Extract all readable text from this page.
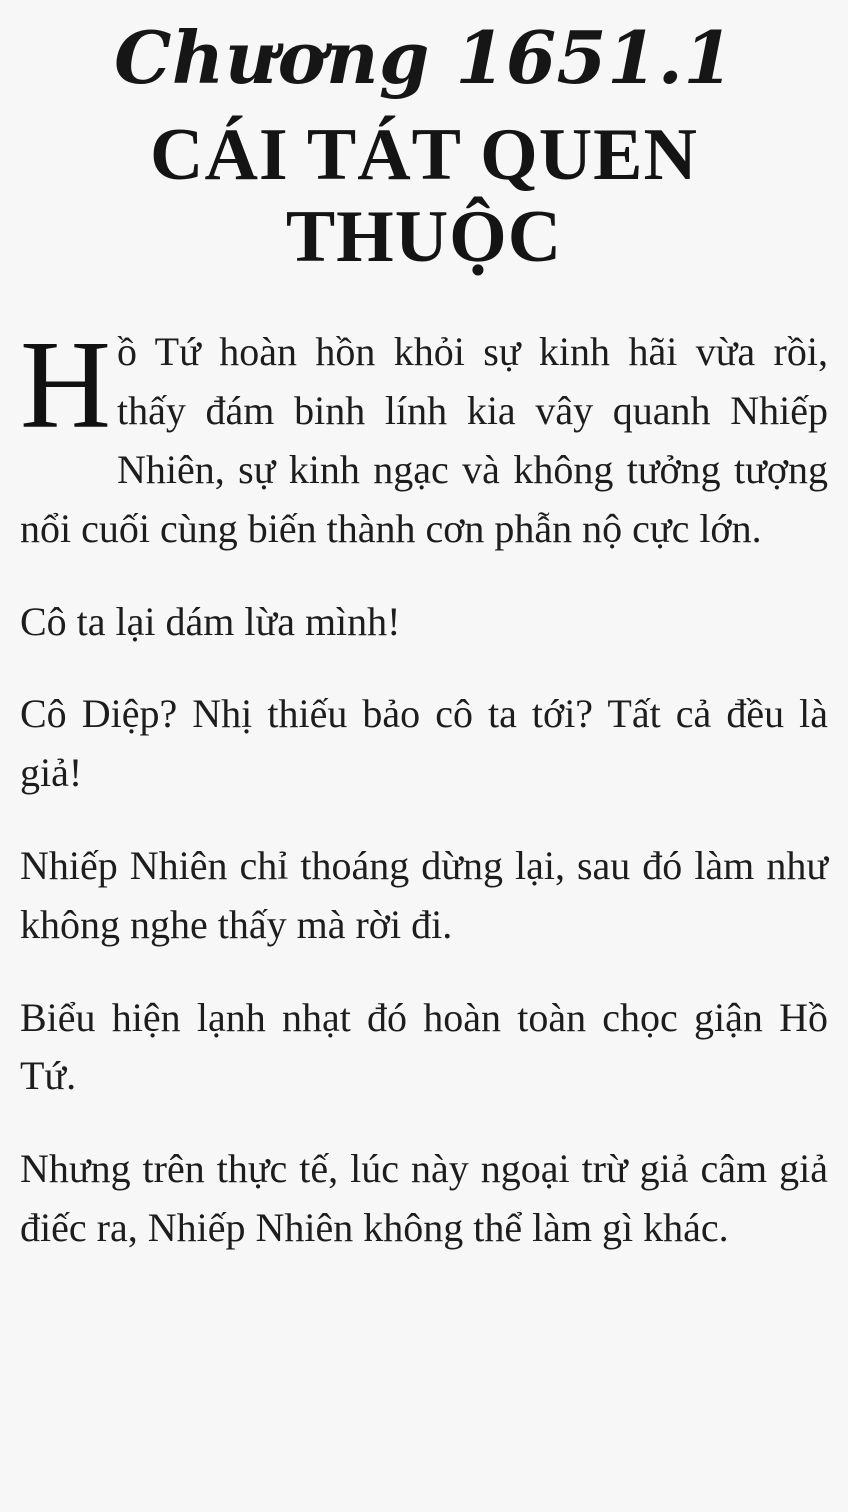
Chương 1651.1
CÁI TÁT QUEN THUỘC

Hồ Tứ hoàn hồn khỏi sự kinh hãi vừa rồi, thấy đám binh lính kia vây quanh Nhiếp Nhiên, sự kinh ngạc và không tưởng tượng nổi cuối cùng biến thành cơn phẫn nộ cực lớn.

Cô ta lại dám lừa mình!

Cô Diệp? Nhị thiếu bảo cô ta tới? Tất cả đều là giả!

Nhiếp Nhiên chỉ thoáng dừng lại, sau đó làm như không nghe thấy mà rời đi.

Biểu hiện lạnh nhạt đó hoàn toàn chọc giận Hồ Tứ.

Nhưng trên thực tế, lúc này ngoại trừ giả câm giả điếc ra, Nhiếp Nhiên không thể làm gì khác.
